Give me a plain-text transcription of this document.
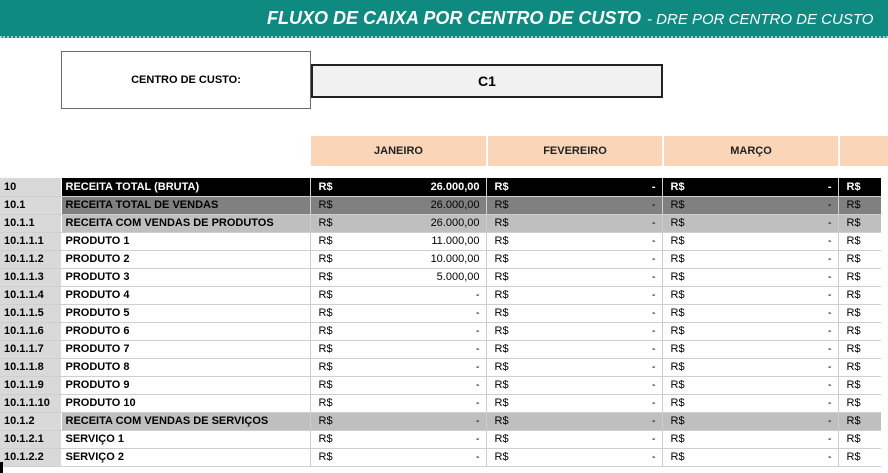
FLUXO DE CAIXA POR CENTRO DE CUSTO - DRE POR CENTRO DE CUSTO
CENTRO DE CUSTO:	C1
JANEIRO	FEVEREIRO	MARÇO
10	RECEITA TOTAL (BRUTA)	R$ 26.000,00	R$ -	R$ -	R$

10.1	RECEITA TOTAL DE VENDAS	R$ 26.000,00	R$ -	R$ -	R$

10.1.1	RECEITA COM VENDAS DE PRODUTOS	R$ 26.000,00	R$ -	R$ -	R$

10.1.1.1	PRODUTO 1	R$ 11.000,00	R$ -	R$ -	R$

10.1.1.2	PRODUTO 2	R$ 10.000,00	R$ -	R$ -	R$

10.1.1.3	PRODUTO 3	R$ 5.000,00	R$ -	R$ -	R$

10.1.1.4	PRODUTO 4	R$ -	R$ -	R$ -	R$

10.1.1.5	PRODUTO 5	R$ -	R$ -	R$ -	R$

10.1.1.6	PRODUTO 6	R$ -	R$ -	R$ -	R$

10.1.1.7	PRODUTO 7	R$ -	R$ -	R$ -	R$

10.1.1.8	PRODUTO 8	R$ -	R$ -	R$ -	R$

10.1.1.9	PRODUTO 9	R$ -	R$ -	R$ -	R$

10.1.1.10	PRODUTO 10	R$ -	R$ -	R$ -	R$

10.1.2	RECEITA COM VENDAS DE SERVIÇOS	R$ -	R$ -	R$ -	R$

10.1.2.1	SERVIÇO 1	R$ -	R$ -	R$ -	R$

10.1.2.2	SERVIÇO 2	R$ -	R$ -	R$ -	R$
